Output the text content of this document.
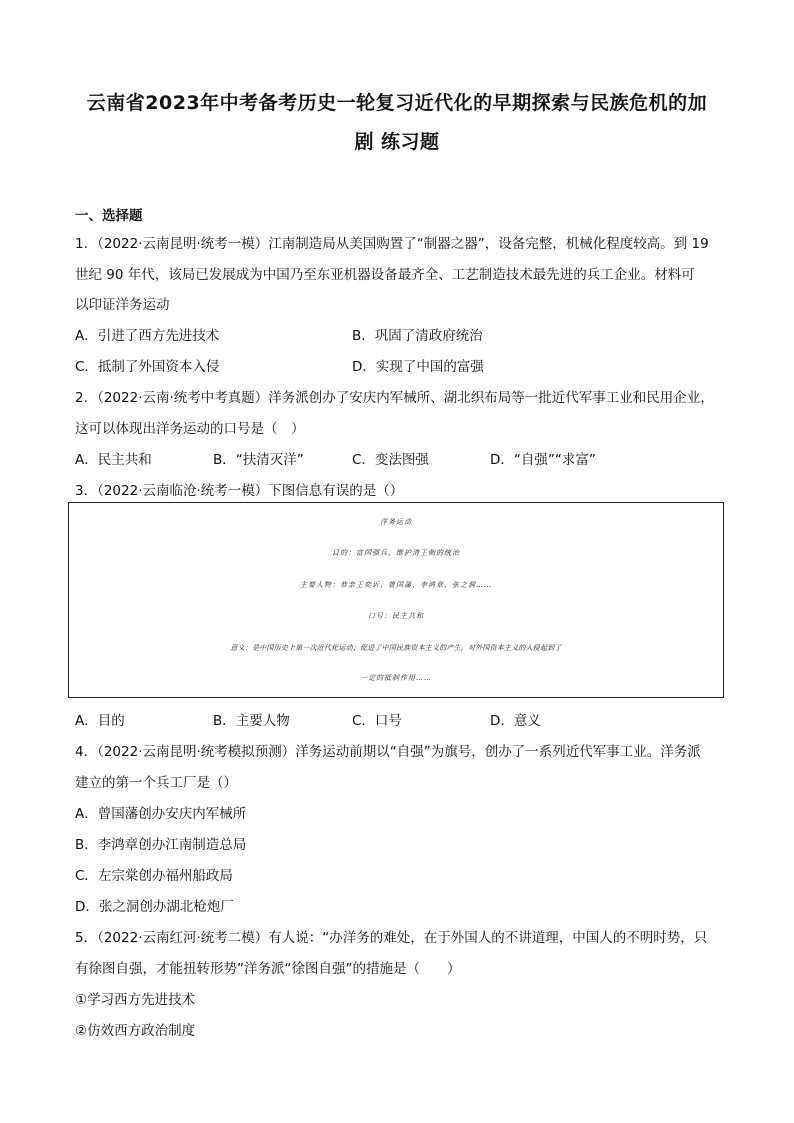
云南省2023年中考备考历史一轮复习近代化的早期探索与民族危机的加
剧 练习题
一、选择题
1．（2022·云南昆明·统考一模）江南制造局从美国购置了“制器之器”，设备完整，机械化程度较高。到 19
世纪 90 年代，该局已发展成为中国乃至东亚机器设备最齐全、工艺制造技术最先进的兵工企业。材料可
以印证洋务运动
A．引进了西方先进技术	B．巩固了清政府统治
C．抵制了外国资本入侵	D．实现了中国的富强
2．（2022·云南·统考中考真题）洋务派创办了安庆内军械所、湖北织布局等一批近代军事工业和民用企业，
这可以体现出洋务运动的口号是（　）
A．民主共和	B．“扶清灭洋”	C．变法图强	D．“自强”“求富”
3．（2022·云南临沧·统考一模）下图信息有误的是（）
洋务运动
目的：富国强兵，维护清王朝的统治
主要人物：恭亲王奕䜣、曾国藩、李鸿章、张之洞……
口号：民主共和
意义：是中国历史上第一次近代化运动；促进了中国民族资本主义的产生，对外国资本主义的入侵起到了
一定的抵制作用……
A．目的	B．主要人物	C．口号	D．意义
4．（2022·云南昆明·统考模拟预测）洋务运动前期以“自强”为旗号，创办了一系列近代军事工业。洋务派
建立的第一个兵工厂是（）
A．曾国藩创办安庆内军械所
B．李鸿章创办江南制造总局
C．左宗棠创办福州船政局
D．张之洞创办湖北枪炮厂
5．（2022·云南红河·统考二模）有人说：“办洋务的难处，在于外国人的不讲道理，中国人的不明时势，只
有徐图自强，才能扭转形势”洋务派“徐图自强”的措施是（　　）
①学习西方先进技术
②仿效西方政治制度
